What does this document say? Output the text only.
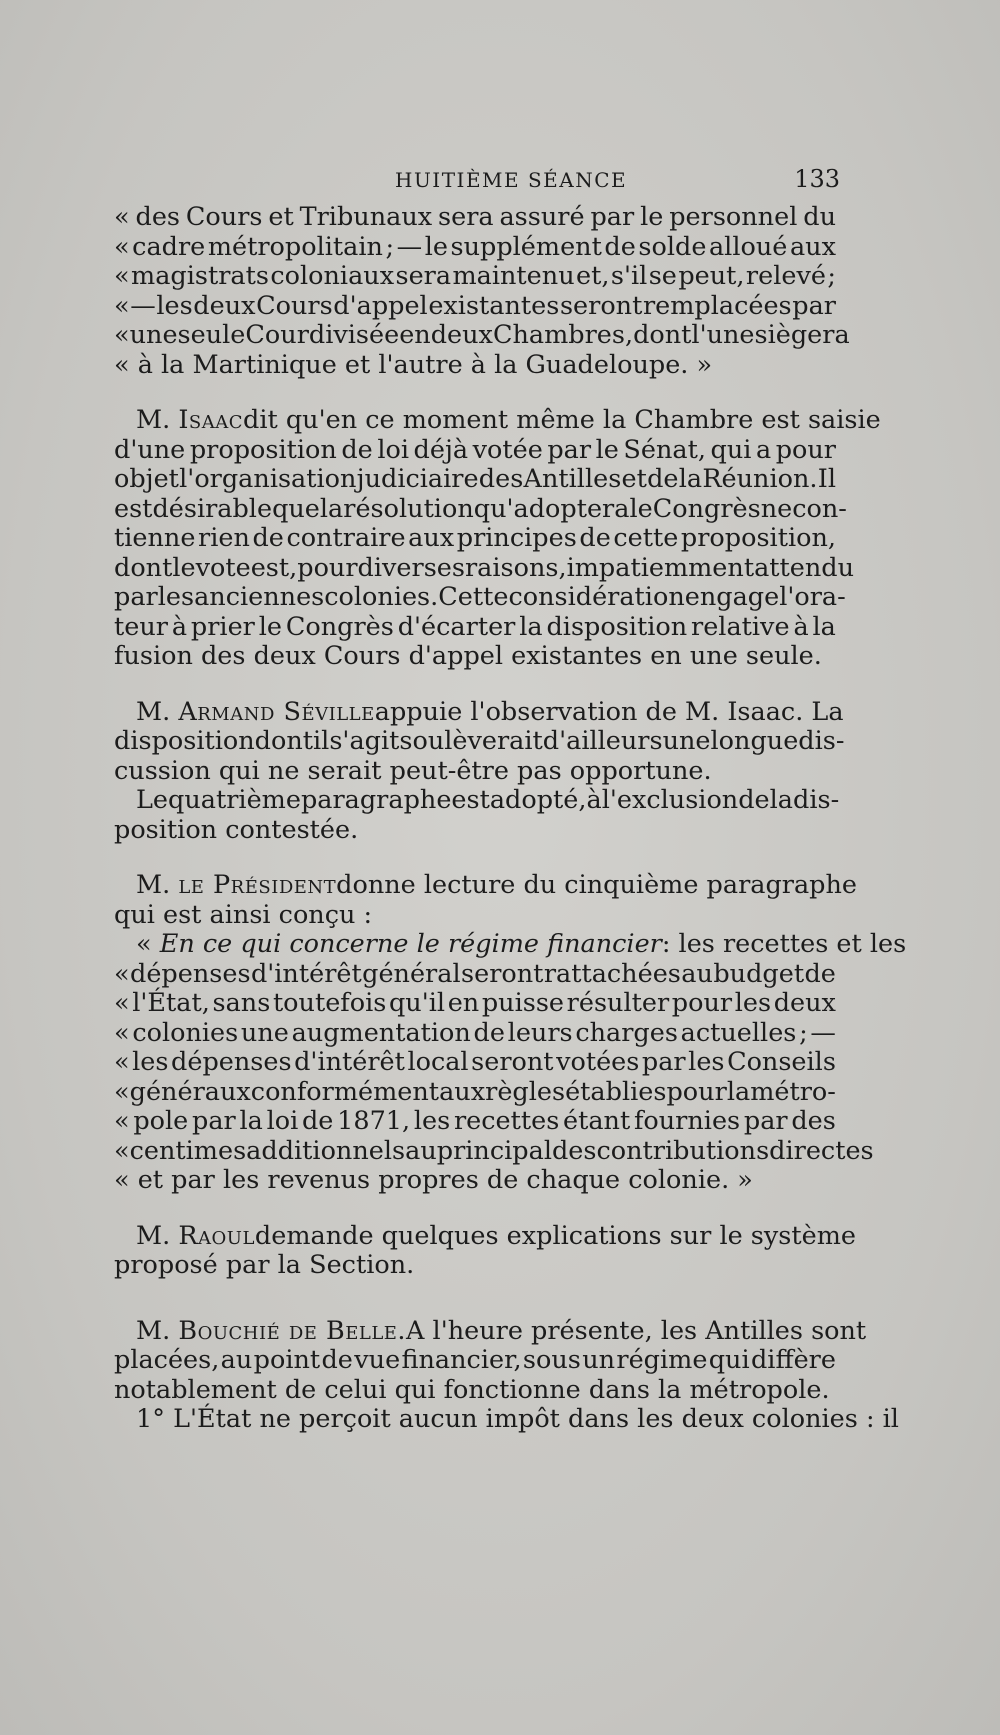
HUITIÈME SÉANCE	133
« des Cours et Tribunaux sera assuré par le personnel du
« cadre métropolitain ; — le supplément de solde alloué aux
« magistrats coloniaux sera maintenu et, s'il se peut, relevé ;
« — les deux Cours d'appel existantes seront remplacées par
« une seule Cour divisée en deux Chambres, dont l'une siègera
« à la Martinique et l'autre à la Guadeloupe. »
M. Isaac dit qu'en ce moment même la Chambre est saisie
d'une proposition de loi déjà votée par le Sénat, qui a pour
objet l'organisation judiciaire des Antilles et de la Réunion. Il
est désirable que la résolution qu'adoptera le Congrès ne con-
tienne rien de contraire aux principes de cette proposition,
dont le vote est, pour diverses raisons, impatiemment attendu
par les anciennes colonies. Cette considération engage l'ora-
teur à prier le Congrès d'écarter la disposition relative à la
fusion des deux Cours d'appel existantes en une seule.
M. Armand Séville appuie l'observation de M. Isaac. La
disposition dont il s'agit soulèverait d'ailleurs une longue dis-
cussion qui ne serait peut-être pas opportune.
Le quatrième paragraphe est adopté, à l'exclusion de la dis-
position contestée.
M. le Président donne lecture du cinquième paragraphe
qui est ainsi conçu :
« En ce qui concerne le régime financier : les recettes et les
« dépenses d'intérêt général seront rattachées au budget de
« l'État, sans toutefois qu'il en puisse résulter pour les deux
« colonies une augmentation de leurs charges actuelles ; —
« les dépenses d'intérêt local seront votées par les Conseils
« généraux conformément aux règles établies pour la métro-
« pole par la loi de 1871, les recettes étant fournies par des
« centimes additionnels au principal des contributions directes
« et par les revenus propres de chaque colonie. »
M. Raoul demande quelques explications sur le système
proposé par la Section.
M. Bouchié de Belle. A l'heure présente, les Antilles sont
placées, au point de vue financier, sous un régime qui diffère
notablement de celui qui fonctionne dans la métropole.
1° L'État ne perçoit aucun impôt dans les deux colonies : il
